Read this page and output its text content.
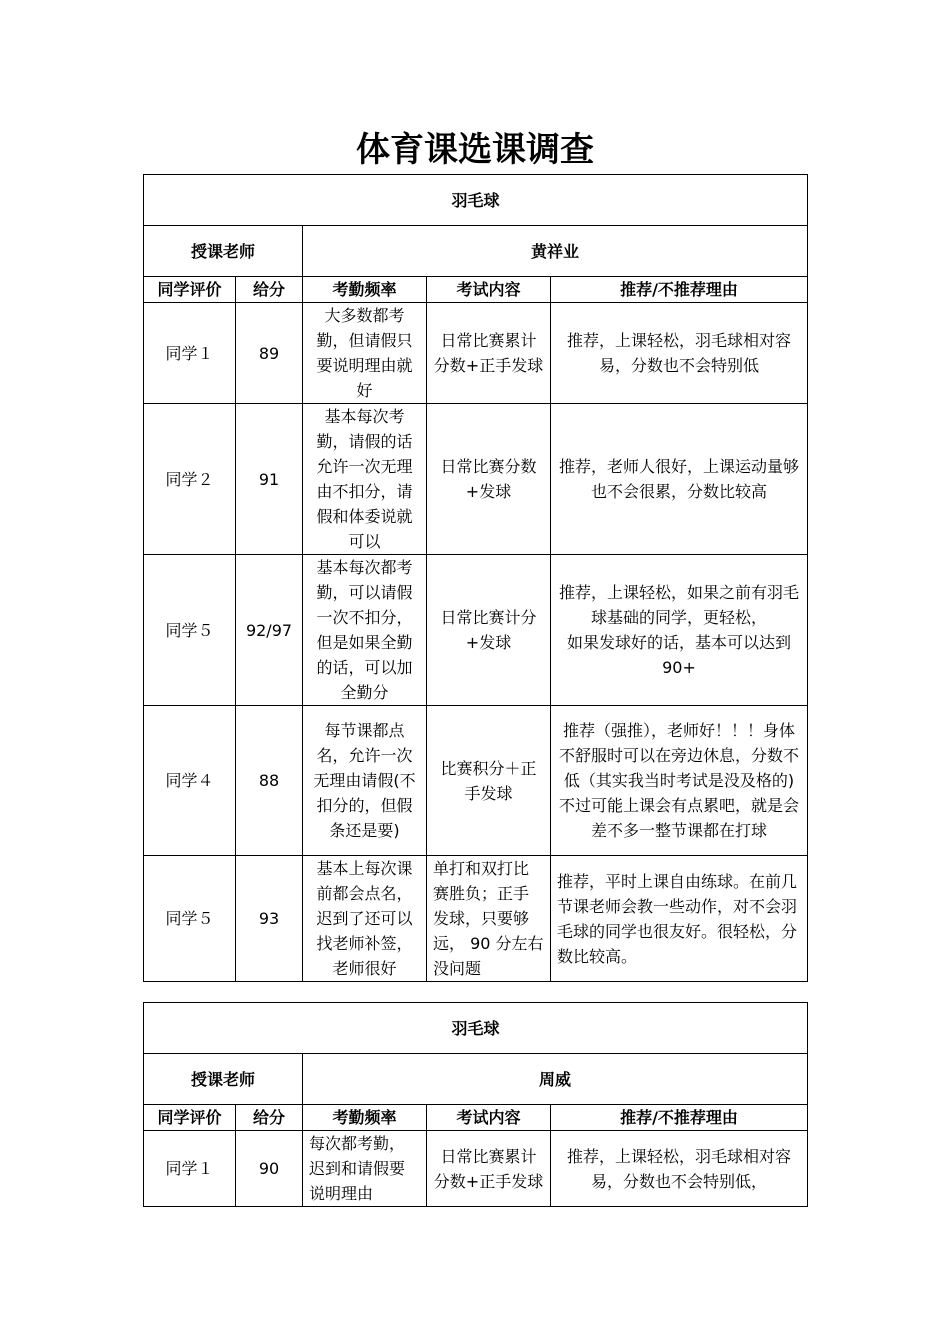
体育课选课调查
羽毛球				
授课老师		黄祥业		
同学评价	给分	考勤频率	考试内容	推荐/不推荐理由
同学１	89	大多数都考勤，但请假只要说明理由就好	日常比赛累计分数+正手发球	推荐，上课轻松，羽毛球相对容易，分数也不会特别低

同学２	91	基本每次考勤，请假的话允许一次无理由不扣分，请假和体委说就可以	日常比赛分数+发球	推荐，老师人很好，上课运动量够也不会很累，分数比较高

同学５	92/97	基本每次都考勤，可以请假一次不扣分，但是如果全勤的话，可以加全勤分	日常比赛计分+发球	推荐，上课轻松，如果之前有羽毛球基础的同学，更轻松，
如果发球好的话，基本可以达到90+

同学４	88	每节课都点名，允许一次无理由请假(不扣分的，但假条还是要)	比赛积分＋正手发球	推荐（强推），老师好！！！身体不舒服时可以在旁边休息，分数不低（其实我当时考试是没及格的)
不过可能上课会有点累吧，就是会差不多一整节课都在打球

同学５	93	基本上每次课前都会点名，迟到了还可以找老师补签，老师很好	单打和双打比赛胜负；正手发球，只要够远， 90 分左右没问题	推荐，平时上课自由练球。在前几节课老师会教一些动作，对不会羽毛球的同学也很友好。很轻松，分数比较高。
羽毛球				
授课老师		周威		
同学评价	给分	考勤频率	考试内容	推荐/不推荐理由
同学１	90	每次都考勤，迟到和请假要说明理由	日常比赛累计分数+正手发球	推荐，上课轻松，羽毛球相对容易，分数也不会特别低，
